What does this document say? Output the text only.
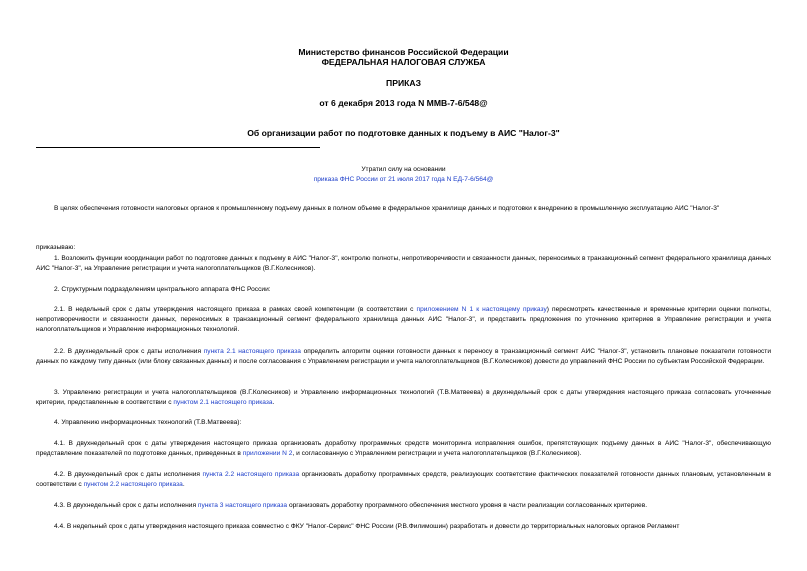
Министерство финансов Российской Федерации
ФЕДЕРАЛЬНАЯ НАЛОГОВАЯ СЛУЖБА
ПРИКАЗ
от 6 декабря 2013 года N ММВ-7-6/548@
Об организации работ по подготовке данных к подъему в АИС "Налог-3"
Утратил силу на основании
приказа ФНС России от 21 июля 2017 года N ЕД-7-6/564@
В целях обеспечения готовности налоговых органов к промышленному подъему данных в полном объеме в федеральное хранилище данных и подготовки к внедрению в промышленную эксплуатацию АИС "Налог-3"
приказываю:
1. Возложить функции координации работ по подготовке данных к подъему в АИС "Налог-3", контролю полноты, непротиворечивости и связанности данных, переносимых в транзакционный сегмент федерального хранилища данных АИС "Налог-3", на Управление регистрации и учета налогоплательщиков (В.Г.Колесников).
2. Структурным подразделениям центрального аппарата ФНС России:
2.1. В недельный срок с даты утверждения настоящего приказа в рамках своей компетенции (в соответствии с приложением N 1 к настоящему приказу) пересмотреть качественные и временные критерии оценки полноты, непротиворечивости и связанности данных, переносимых в транзакционный сегмент федерального хранилища данных АИС "Налог-3", и представить предложения по уточнению критериев в Управление регистрации и учета налогоплательщиков и Управление информационных технологий.
2.2. В двухнедельный срок с даты исполнения пункта 2.1 настоящего приказа определить алгоритм оценки готовности данных к переносу в транзакционный сегмент АИС "Налог-3", установить плановые показатели готовности данных по каждому типу данных (или блоку связанных данных) и после согласования с Управлением регистрации и учета налогоплательщиков (В.Г.Колесников) довести до управлений ФНС России по субъектам Российской Федерации.
3. Управлению регистрации и учета налогоплательщиков (В.Г.Колесников) и Управлению информационных технологий (Т.В.Матвеева) в двухнедельный срок с даты утверждения настоящего приказа согласовать уточненные критерии, представленные в соответствии с пунктом 2.1 настоящего приказа.
4. Управлению информационных технологий (Т.В.Матвеева):
4.1. В двухнедельный срок с даты утверждения настоящего приказа организовать доработку программных средств мониторинга исправления ошибок, препятствующих подъему данных в АИС "Налог-3", обеспечивающую представление показателей по подготовке данных, приведенных в приложении N 2, и согласованную с Управлением регистрации и учета налогоплательщиков (В.Г.Колесников).
4.2. В двухнедельный срок с даты исполнения пункта 2.2 настоящего приказа организовать доработку программных средств, реализующих соответствие фактических показателей готовности данных плановым, установленным в соответствии с пунктом 2.2 настоящего приказа.
4.3. В двухнедельный срок с даты исполнения пункта 3 настоящего приказа организовать доработку программного обеспечения местного уровня в части реализации согласованных критериев.
4.4. В недельный срок с даты утверждения настоящего приказа совместно с ФКУ "Налог-Сервис" ФНС России (Р.В.Филимошин) разработать и довести до территориальных налоговых органов Регламент
